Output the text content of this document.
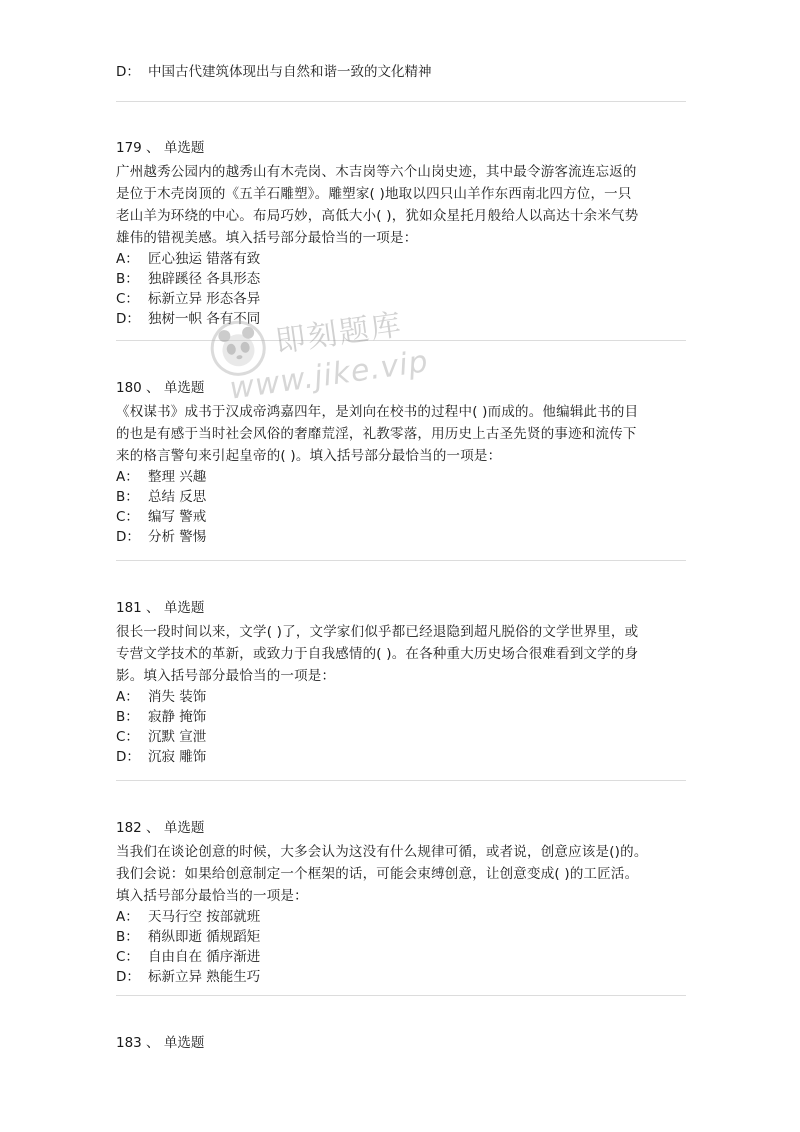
D： 中国古代建筑体现出与自然和谐一致的文化精神

179 、 单选题

广州越秀公园内的越秀山有木壳岗、木吉岗等六个山岗史迹，其中最令游客流连忘返的

是位于木壳岗顶的《五羊石雕塑》。雕塑家( )地取以四只山羊作东西南北四方位，一只

老山羊为环绕的中心。布局巧妙，高低大小( )，犹如众星托月般给人以高达十余米气势

雄伟的错视美感。填入括号部分最恰当的一项是：

A： 匠心独运 错落有致

B： 独辟蹊径 各具形态

C： 标新立异 形态各异

D： 独树一帜 各有不同

180 、 单选题

《权谋书》成书于汉成帝鸿嘉四年，是刘向在校书的过程中( )而成的。他编辑此书的目

的也是有感于当时社会风俗的奢靡荒淫，礼教零落，用历史上古圣先贤的事迹和流传下

来的格言警句来引起皇帝的( )。填入括号部分最恰当的一项是：

A： 整理 兴趣

B： 总结 反思

C： 编写 警戒

D： 分析 警惕

181 、 单选题

很长一段时间以来，文学( )了，文学家们似乎都已经退隐到超凡脱俗的文学世界里，或

专营文学技术的革新，或致力于自我感情的( )。在各种重大历史场合很难看到文学的身

影。填入括号部分最恰当的一项是：

A： 消失 装饰

B： 寂静 掩饰

C： 沉默 宣泄

D： 沉寂 雕饰

182 、 单选题

当我们在谈论创意的时候，大多会认为这没有什么规律可循，或者说，创意应该是()的。

我们会说：如果给创意制定一个框架的话，可能会束缚创意，让创意变成( )的工匠活。

填入括号部分最恰当的一项是：

A： 天马行空 按部就班

B： 稍纵即逝 循规蹈矩

C： 自由自在 循序渐进

D： 标新立异 熟能生巧

183 、 单选题

即刻题库
www.jike.vip
